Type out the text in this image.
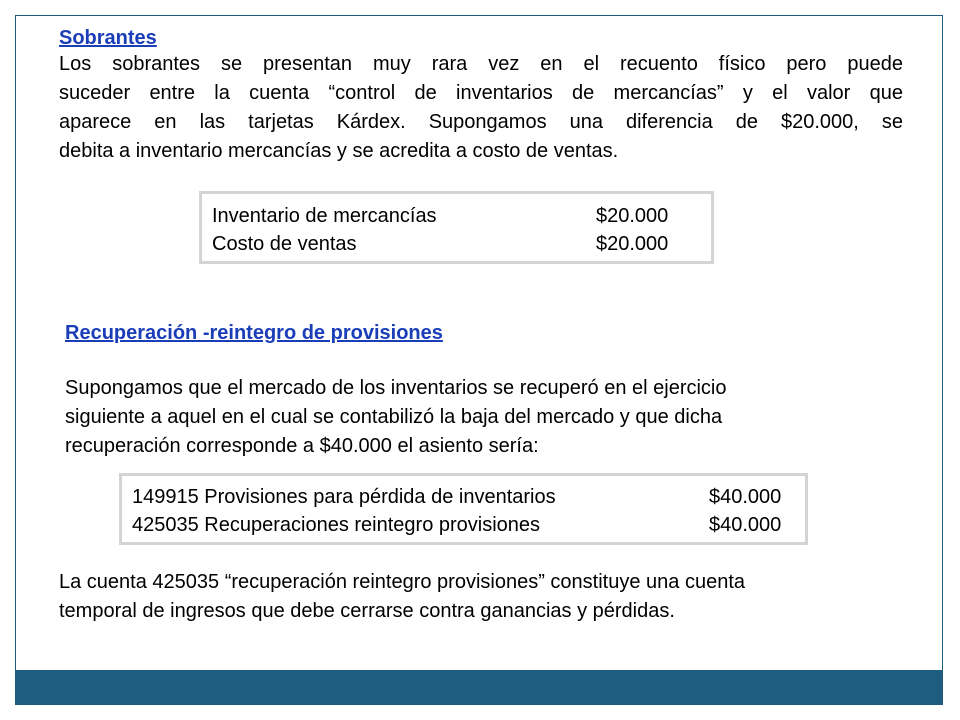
Sobrantes

Los sobrantes se presentan muy rara vez en el recuento físico pero puede

suceder entre la cuenta “control de inventarios de mercancías” y el valor que

aparece en las tarjetas Kárdex. Supongamos una diferencia de $20.000, se

debita a inventario mercancías y se acredita a costo de ventas.

Inventario de mercancías	$20.000
Costo de ventas	$20.000
Recuperación -reintegro de provisiones

Supongamos que el mercado de los inventarios se recuperó en el ejercicio

siguiente a aquel en el cual se contabilizó la baja del mercado y que dicha

recuperación corresponde a $40.000 el asiento sería:

149915 Provisiones para pérdida de inventarios	$40.000
425035 Recuperaciones reintegro provisiones	$40.000

La cuenta 425035 “recuperación reintegro provisiones” constituye una cuenta

temporal de ingresos que debe cerrarse contra ganancias y pérdidas.
